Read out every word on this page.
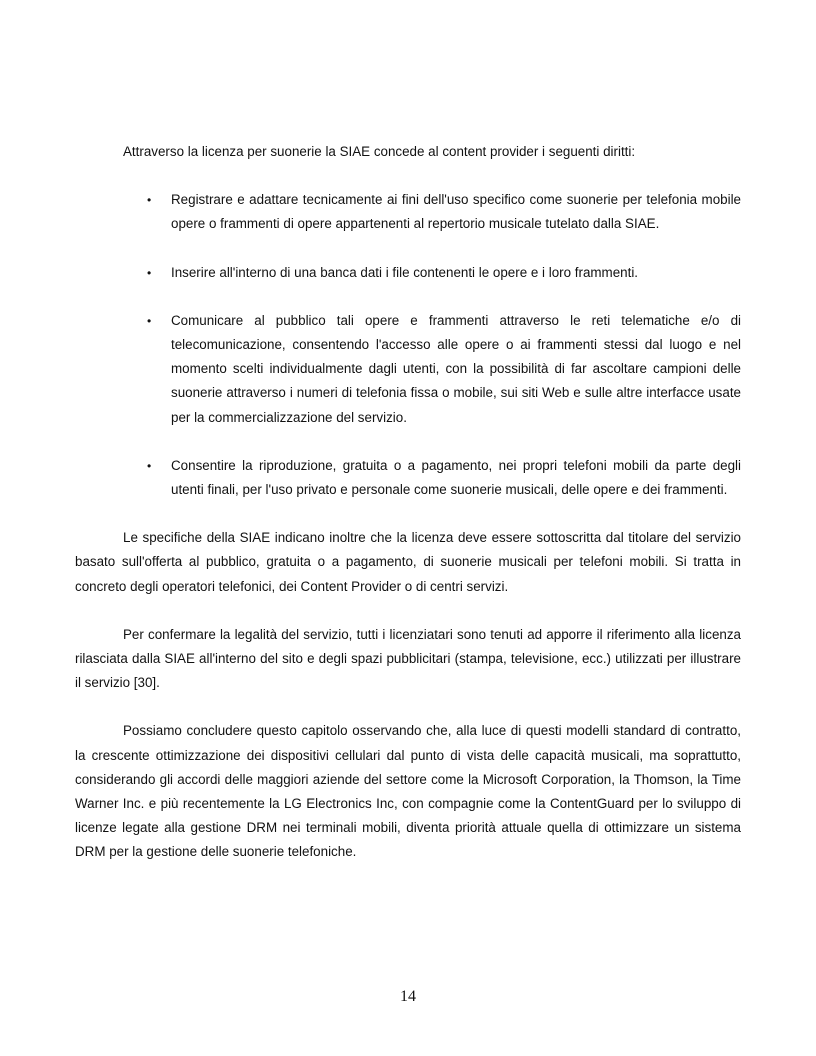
Attraverso la licenza per suonerie la SIAE concede al content provider i seguenti diritti:

• Registrare e adattare tecnicamente ai fini dell'uso specifico come suonerie per telefonia mobile opere o frammenti di opere appartenenti al repertorio musicale tutelato dalla SIAE.
• Inserire all'interno di una banca dati i file contenenti le opere e i loro frammenti.
• Comunicare al pubblico tali opere e frammenti attraverso le reti telematiche e/o di telecomunicazione, consentendo l'accesso alle opere o ai frammenti stessi dal luogo e nel momento scelti individualmente dagli utenti, con la possibilità di far ascoltare campioni delle suonerie attraverso i numeri di telefonia fissa o mobile, sui siti Web e sulle altre interfacce usate per la commercializzazione del servizio.
• Consentire la riproduzione, gratuita o a pagamento, nei propri telefoni mobili da parte degli utenti finali, per l'uso privato e personale come suonerie musicali, delle opere e dei frammenti.

Le specifiche della SIAE indicano inoltre che la licenza deve essere sottoscritta dal titolare del servizio basato sull'offerta al pubblico, gratuita o a pagamento, di suonerie musicali per telefoni mobili. Si tratta in concreto degli operatori telefonici, dei Content Provider o di centri servizi.

Per confermare la legalità del servizio, tutti i licenziatari sono tenuti ad apporre il riferimento alla licenza rilasciata dalla SIAE all'interno del sito e degli spazi pubblicitari (stampa, televisione, ecc.) utilizzati per illustrare il servizio [30].

Possiamo concludere questo capitolo osservando che, alla luce di questi modelli standard di contratto, la crescente ottimizzazione dei dispositivi cellulari dal punto di vista delle capacità musicali, ma soprattutto, considerando gli accordi delle maggiori aziende del settore come la Microsoft Corporation, la Thomson, la Time Warner Inc. e più recentemente la LG Electronics Inc, con compagnie come la ContentGuard per lo sviluppo di licenze legate alla gestione DRM nei terminali mobili, diventa priorità attuale quella di ottimizzare un sistema DRM per la gestione delle suonerie telefoniche.

14
